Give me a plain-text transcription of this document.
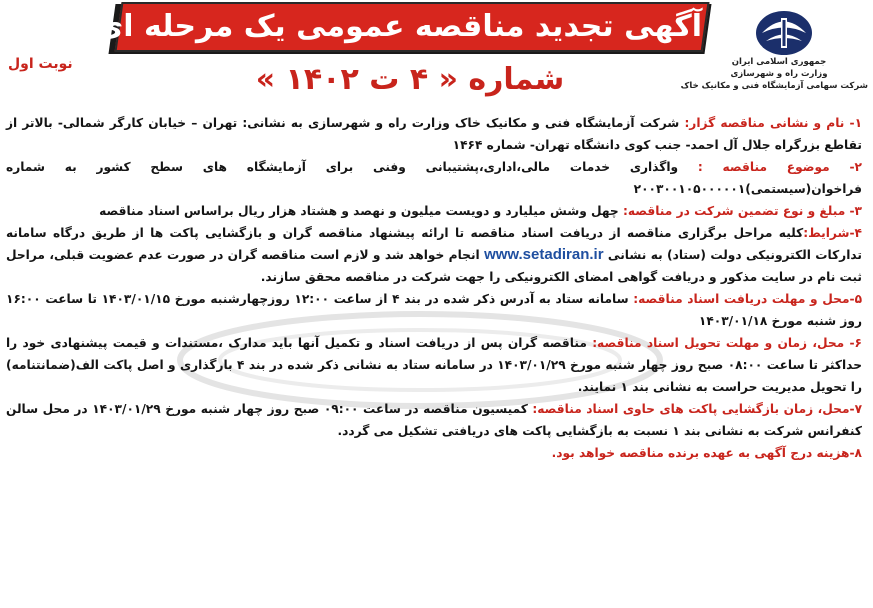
جمهوری اسلامی ایران
وزارت راه و شهرسازی
شرکت سهامی آزمایشگاه فنی و مکانیک خاک
آگهی تجدید مناقصه عمومی یک مرحله ای
شماره « ۴ ت ۱۴۰۲ »
نوبت اول

۱- نام و نشانی مناقصه گزار: شرکت آزمایشگاه فنی و مکانیک خاک وزارت راه و شهرسازی به نشانی: تهران – خیابان کارگر شمالی- بالاتر از تقاطع بزرگراه جلال آل احمد- جنب کوی دانشگاه تهران- شماره ۱۴۶۴

۲- موضوع مناقصه : واگذاری خدمات مالی،اداری،پشتیبانی وفنی برای آزمایشگاه های سطح کشور به شماره فراخوان(سیستمی)۲۰۰۳۰۰۱۰۵۰۰۰۰۰۱

۳- مبلغ و نوع تضمین شرکت در مناقصه: چهل وشش میلیارد و دویست میلیون و نهصد و هشتاد هزار ریال براساس اسناد مناقصه

۴-شرایط:کلیه مراحل برگزاری مناقصه از دریافت اسناد مناقصه تا ارائه پیشنهاد مناقصه گران و بازگشایی پاکت ها از طریق درگاه سامانه تدارکات الکترونیکی دولت (ستاد) به نشانی www.setadiran.ir انجام خواهد شد و لازم است مناقصه گران در صورت عدم عضویت قبلی، مراحل ثبت نام در سایت مذکور و دریافت گواهی امضای الکترونیکی را جهت شرکت در مناقصه محقق سازند.

۵-محل و مهلت دریافت اسناد مناقصه: سامانه ستاد به آدرس ذکر شده در بند ۴ از ساعت ۱۲:۰۰ روزچهارشنبه مورخ ۱۴۰۳/۰۱/۱۵ تا ساعت ۱۶:۰۰ روز شنبه مورخ ۱۴۰۳/۰۱/۱۸

۶- محل، زمان و مهلت تحویل اسناد مناقصه: مناقصه گران پس از دریافت اسناد و تکمیل آنها باید مدارک ،مستندات و قیمت پیشنهادی خود را حداکثر تا ساعت ۰۸:۰۰ صبح روز چهار شنبه مورخ ۱۴۰۳/۰۱/۲۹ در سامانه ستاد به نشانی ذکر شده در بند ۴ بارگذاری و اصل پاکت الف(ضمانتنامه) را تحویل مدیریت حراست به نشانی بند ۱ نمایند.

۷-محل، زمان بازگشایی پاکت های حاوی اسناد مناقصه: کمیسیون مناقصه در ساعت ۰۹:۰۰ صبح روز چهار شنبه مورخ ۱۴۰۳/۰۱/۲۹ در محل سالن کنفرانس شرکت به نشانی بند ۱ نسبت به بازگشایی پاکت های دریافتی تشکیل می گردد.

۸-هزینه درج آگهی به عهده برنده مناقصه خواهد بود.
